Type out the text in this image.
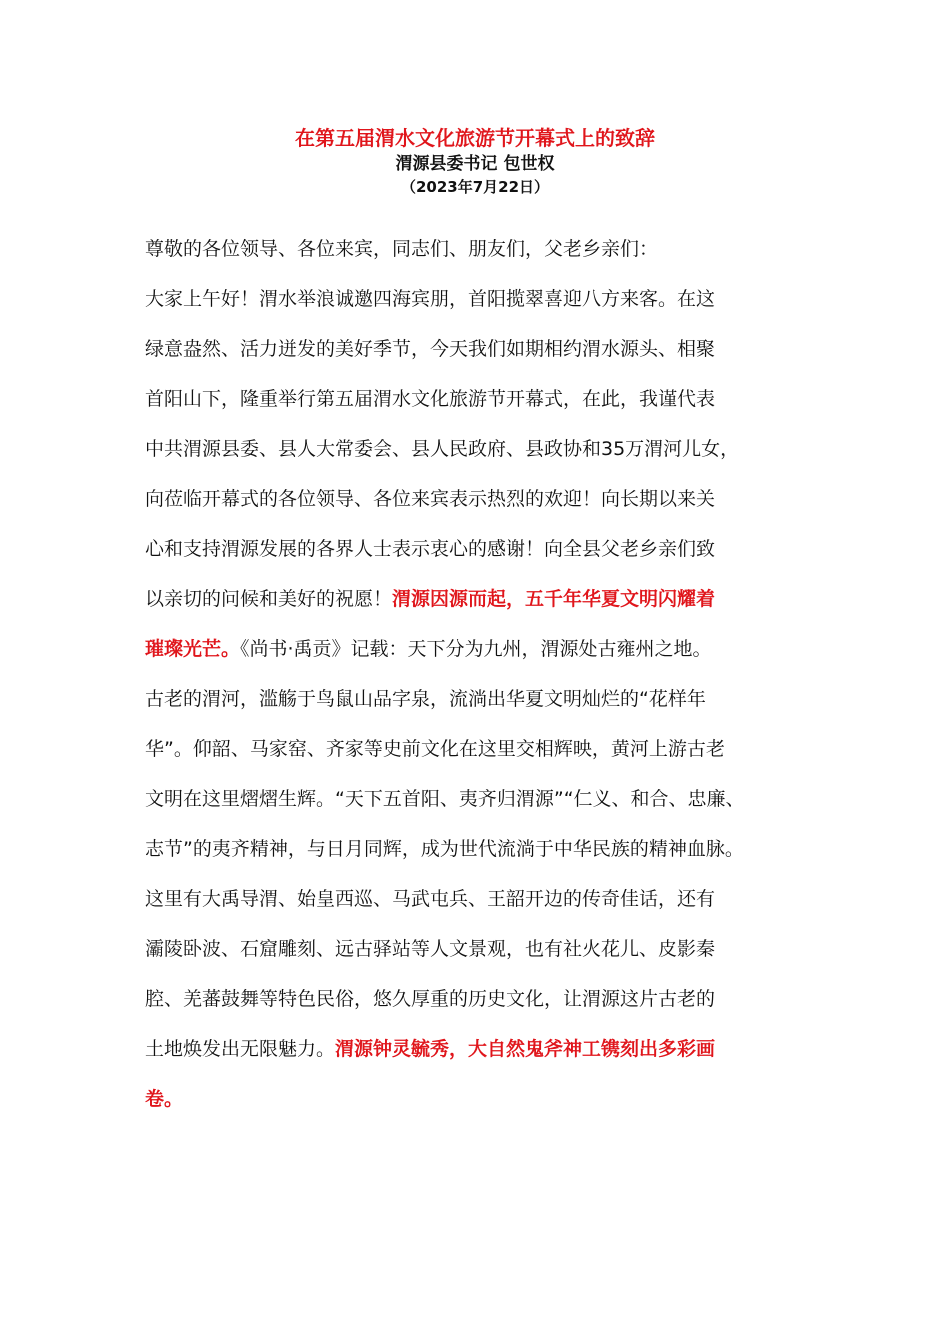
在第五届渭水文化旅游节开幕式上的致辞
渭源县委书记 包世权
（2023年7月22日）
尊敬的各位领导、各位来宾，同志们、朋友们，父老乡亲们：
大家上午好！渭水举浪诚邀四海宾朋，首阳揽翠喜迎八方来客。在这
绿意盎然、活力迸发的美好季节，今天我们如期相约渭水源头、相聚
首阳山下，隆重举行第五届渭水文化旅游节开幕式，在此，我谨代表
中共渭源县委、县人大常委会、县人民政府、县政协和35万渭河儿女，
向莅临开幕式的各位领导、各位来宾表示热烈的欢迎！向长期以来关
心和支持渭源发展的各界人士表示衷心的感谢！向全县父老乡亲们致
以亲切的问候和美好的祝愿！渭源因源而起，五千年华夏文明闪耀着
璀璨光芒。《尚书·禹贡》记载：天下分为九州，渭源处古雍州之地。
古老的渭河，滥觞于鸟鼠山品字泉，流淌出华夏文明灿烂的“花样年
华”。仰韶、马家窑、齐家等史前文化在这里交相辉映，黄河上游古老
文明在这里熠熠生辉。“天下五首阳、夷齐归渭源”“仁义、和合、忠廉、
志节”的夷齐精神，与日月同辉，成为世代流淌于中华民族的精神血脉。
这里有大禹导渭、始皇西巡、马武屯兵、王韶开边的传奇佳话，还有
灞陵卧波、石窟雕刻、远古驿站等人文景观，也有社火花儿、皮影秦
腔、羌蕃鼓舞等特色民俗，悠久厚重的历史文化，让渭源这片古老的
土地焕发出无限魅力。渭源钟灵毓秀，大自然鬼斧神工镌刻出多彩画
卷。
